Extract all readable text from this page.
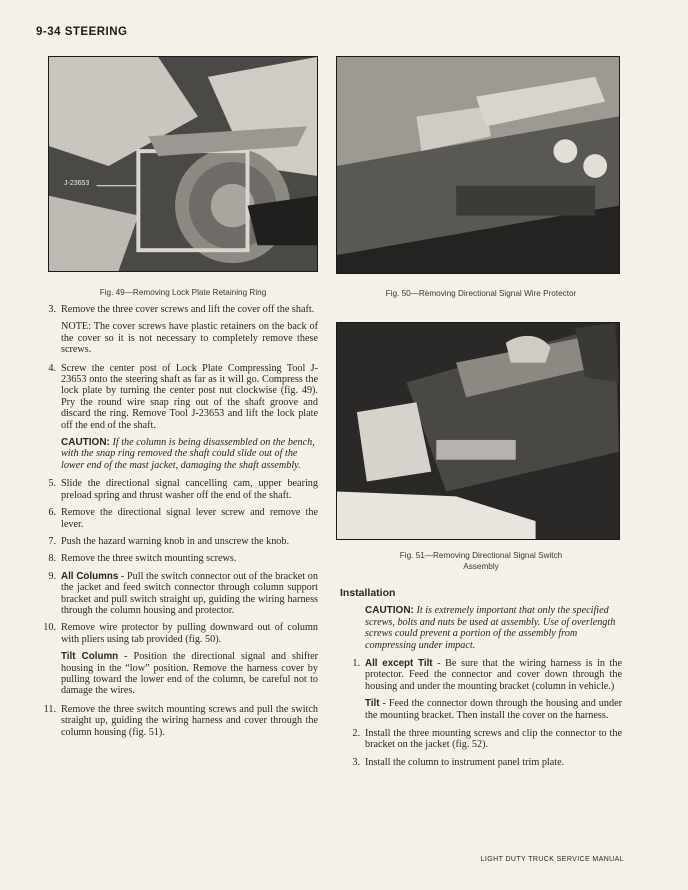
9-34 STEERING
J-23653
Fig. 49—Removing Lock Plate Retaining Ring	Fig. 50—Removing Directional Signal Wire Protector
Fig. 51—Removing Directional Signal Switch
Assembly
3. Remove the three cover screws and lift the cover off the shaft.
NOTE: The cover screws have plastic retainers on the back of the cover so it is not necessary to completely remove these screws.
4. Screw the center post of Lock Plate Compressing Tool J-23653 onto the steering shaft as far as it will go. Compress the lock plate by turning the center post nut clockwise (fig. 49). Pry the round wire snap ring out of the shaft groove and discard the ring. Remove Tool J-23653 and lift the lock plate off the end of the shaft.
CAUTION: If the column is being disassembled on the bench, with the snap ring removed the shaft could slide out of the lower end of the mast jacket, damaging the shaft assembly.
5. Slide the directional signal cancelling cam, upper bearing preload spring and thrust washer off the end of the shaft.
6. Remove the directional signal lever screw and remove the lever.
7. Push the hazard warning knob in and unscrew the knob.
8. Remove the three switch mounting screws.
9. All Columns - Pull the switch connector out of the bracket on the jacket and feed switch connector through column support bracket and pull switch straight up, guiding the wiring harness through the column housing and protector.
10. Remove wire protector by pulling downward out of column with pliers using tab provided (fig. 50).
Tilt Column - Position the directional signal and shifter housing in the “low” position. Remove the harness cover by pulling toward the lower end of the column, be careful not to damage the wires.
11. Remove the three switch mounting screws and pull the switch straight up, guiding the wiring harness and cover through the column housing (fig. 51).
Installation
CAUTION: It is extremely important that only the specified screws, bolts and nuts be used at assembly. Use of overlength screws could prevent a portion of the assembly from compressing under impact.
1. All except Tilt - Be sure that the wiring harness is in the protector. Feed the connector and cover down through the housing and under the mounting bracket (column in vehicle.)
Tilt - Feed the connector down through the housing and under the mounting bracket. Then install the cover on the harness.
2. Install the three mounting screws and clip the connector to the bracket on the jacket (fig. 52).
3. Install the column to instrument panel trim plate.
LIGHT DUTY TRUCK SERVICE MANUAL
